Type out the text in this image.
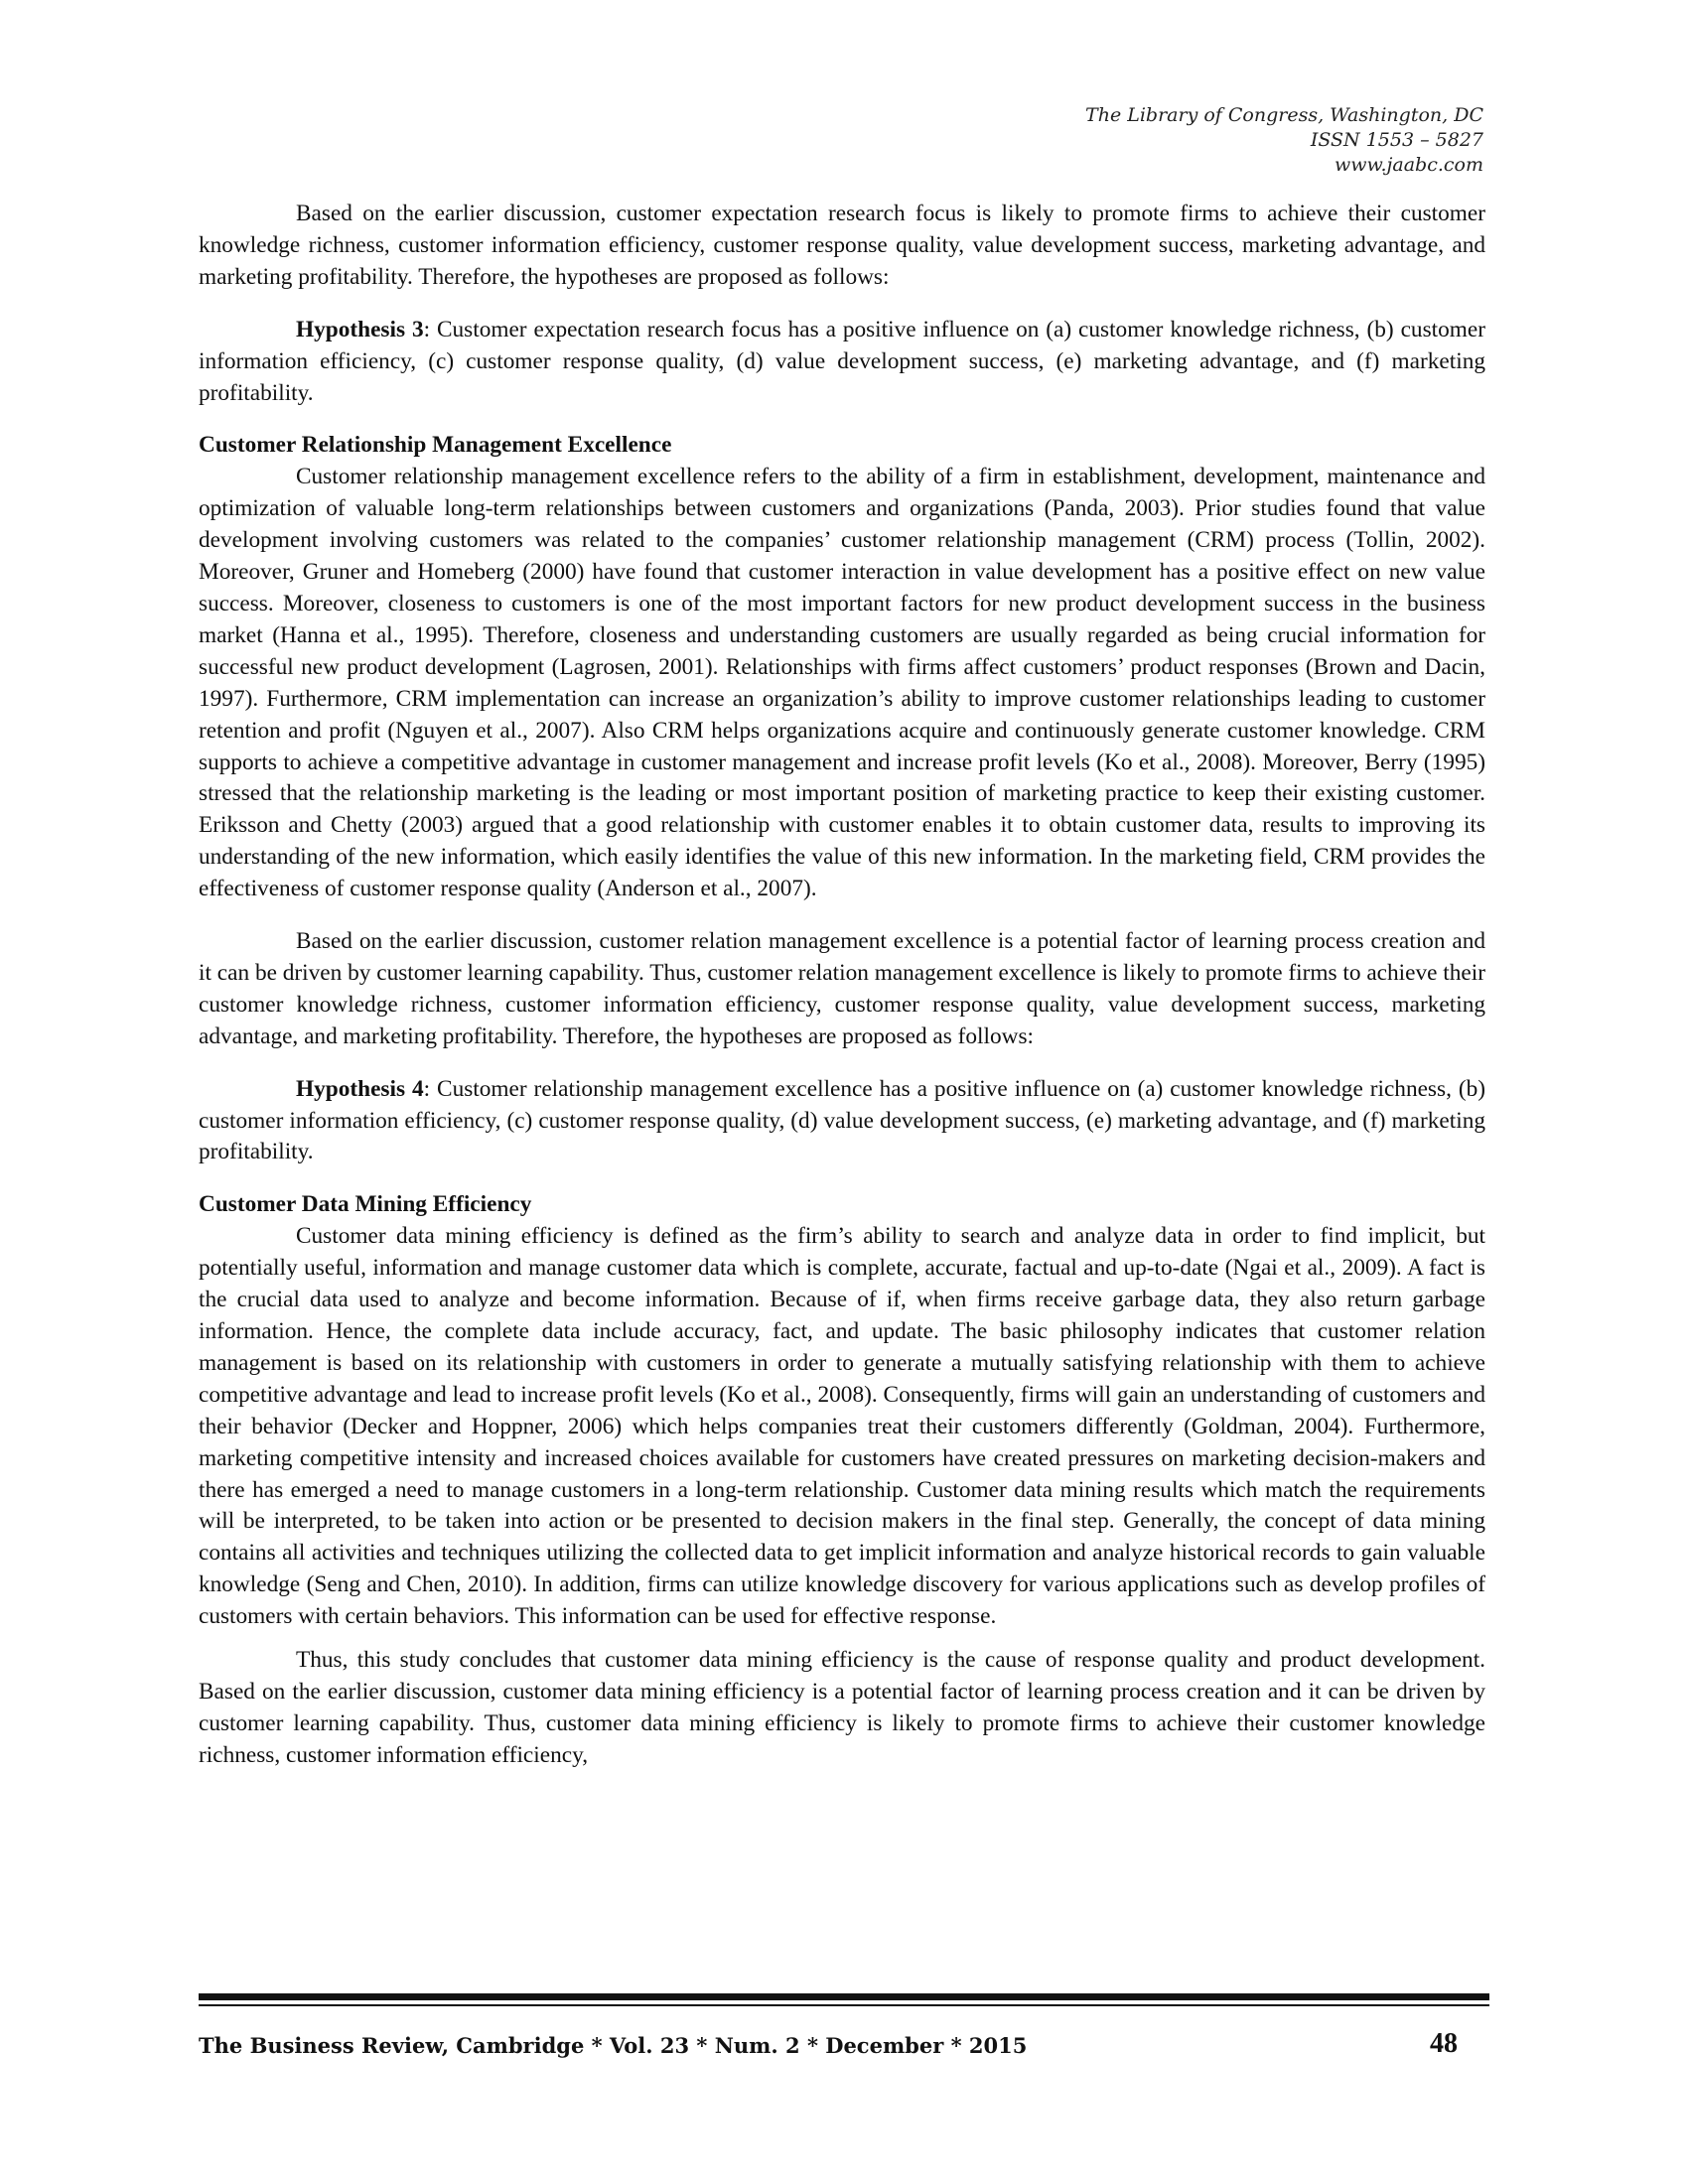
The Library of Congress, Washington, DC
ISSN 1553 – 5827
www.jaabc.com

Based on the earlier discussion, customer expectation research focus is likely to promote firms to achieve their customer knowledge richness, customer information efficiency, customer response quality, value development success, marketing advantage, and marketing profitability. Therefore, the hypotheses are proposed as follows:

Hypothesis 3: Customer expectation research focus has a positive influence on (a) customer knowledge richness, (b) customer information efficiency, (c) customer response quality, (d) value development success, (e) marketing advantage, and (f) marketing profitability.

Customer Relationship Management Excellence

Customer relationship management excellence refers to the ability of a firm in establishment, development, maintenance and optimization of valuable long-term relationships between customers and organizations (Panda, 2003). Prior studies found that value development involving customers was related to the companies’ customer relationship management (CRM) process (Tollin, 2002). Moreover, Gruner and Homeberg (2000) have found that customer interaction in value development has a positive effect on new value success. Moreover, closeness to customers is one of the most important factors for new product development success in the business market (Hanna et al., 1995). Therefore, closeness and understanding customers are usually regarded as being crucial information for successful new product development (Lagrosen, 2001). Relationships with firms affect customers’ product responses (Brown and Dacin, 1997). Furthermore, CRM implementation can increase an organization’s ability to improve customer relationships leading to customer retention and profit (Nguyen et al., 2007). Also CRM helps organizations acquire and continuously generate customer knowledge. CRM supports to achieve a competitive advantage in customer management and increase profit levels (Ko et al., 2008). Moreover, Berry (1995) stressed that the relationship marketing is the leading or most important position of marketing practice to keep their existing customer. Eriksson and Chetty (2003) argued that a good relationship with customer enables it to obtain customer data, results to improving its understanding of the new information, which easily identifies the value of this new information. In the marketing field, CRM provides the effectiveness of customer response quality (Anderson et al., 2007).

Based on the earlier discussion, customer relation management excellence is a potential factor of learning process creation and it can be driven by customer learning capability. Thus, customer relation management excellence is likely to promote firms to achieve their customer knowledge richness, customer information efficiency, customer response quality, value development success, marketing advantage, and marketing profitability. Therefore, the hypotheses are proposed as follows:

Hypothesis 4: Customer relationship management excellence has a positive influence on (a) customer knowledge richness, (b) customer information efficiency, (c) customer response quality, (d) value development success, (e) marketing advantage, and (f) marketing profitability.

Customer Data Mining Efficiency

Customer data mining efficiency is defined as the firm’s ability to search and analyze data in order to find implicit, but potentially useful, information and manage customer data which is complete, accurate, factual and up-to-date (Ngai et al., 2009). A fact is the crucial data used to analyze and become information. Because of if, when firms receive garbage data, they also return garbage information. Hence, the complete data include accuracy, fact, and update. The basic philosophy indicates that customer relation management is based on its relationship with customers in order to generate a mutually satisfying relationship with them to achieve competitive advantage and lead to increase profit levels (Ko et al., 2008). Consequently, firms will gain an understanding of customers and their behavior (Decker and Hoppner, 2006) which helps companies treat their customers differently (Goldman, 2004). Furthermore, marketing competitive intensity and increased choices available for customers have created pressures on marketing decision-makers and there has emerged a need to manage customers in a long-term relationship. Customer data mining results which match the requirements will be interpreted, to be taken into action or be presented to decision makers in the final step. Generally, the concept of data mining contains all activities and techniques utilizing the collected data to get implicit information and analyze historical records to gain valuable knowledge (Seng and Chen, 2010). In addition, firms can utilize knowledge discovery for various applications such as develop profiles of customers with certain behaviors. This information can be used for effective response.

Thus, this study concludes that customer data mining efficiency is the cause of response quality and product development. Based on the earlier discussion, customer data mining efficiency is a potential factor of learning process creation and it can be driven by customer learning capability. Thus, customer data mining efficiency is likely to promote firms to achieve their customer knowledge richness, customer information efficiency,

The Business Review, Cambridge * Vol. 23 * Num. 2 * December * 2015	48
